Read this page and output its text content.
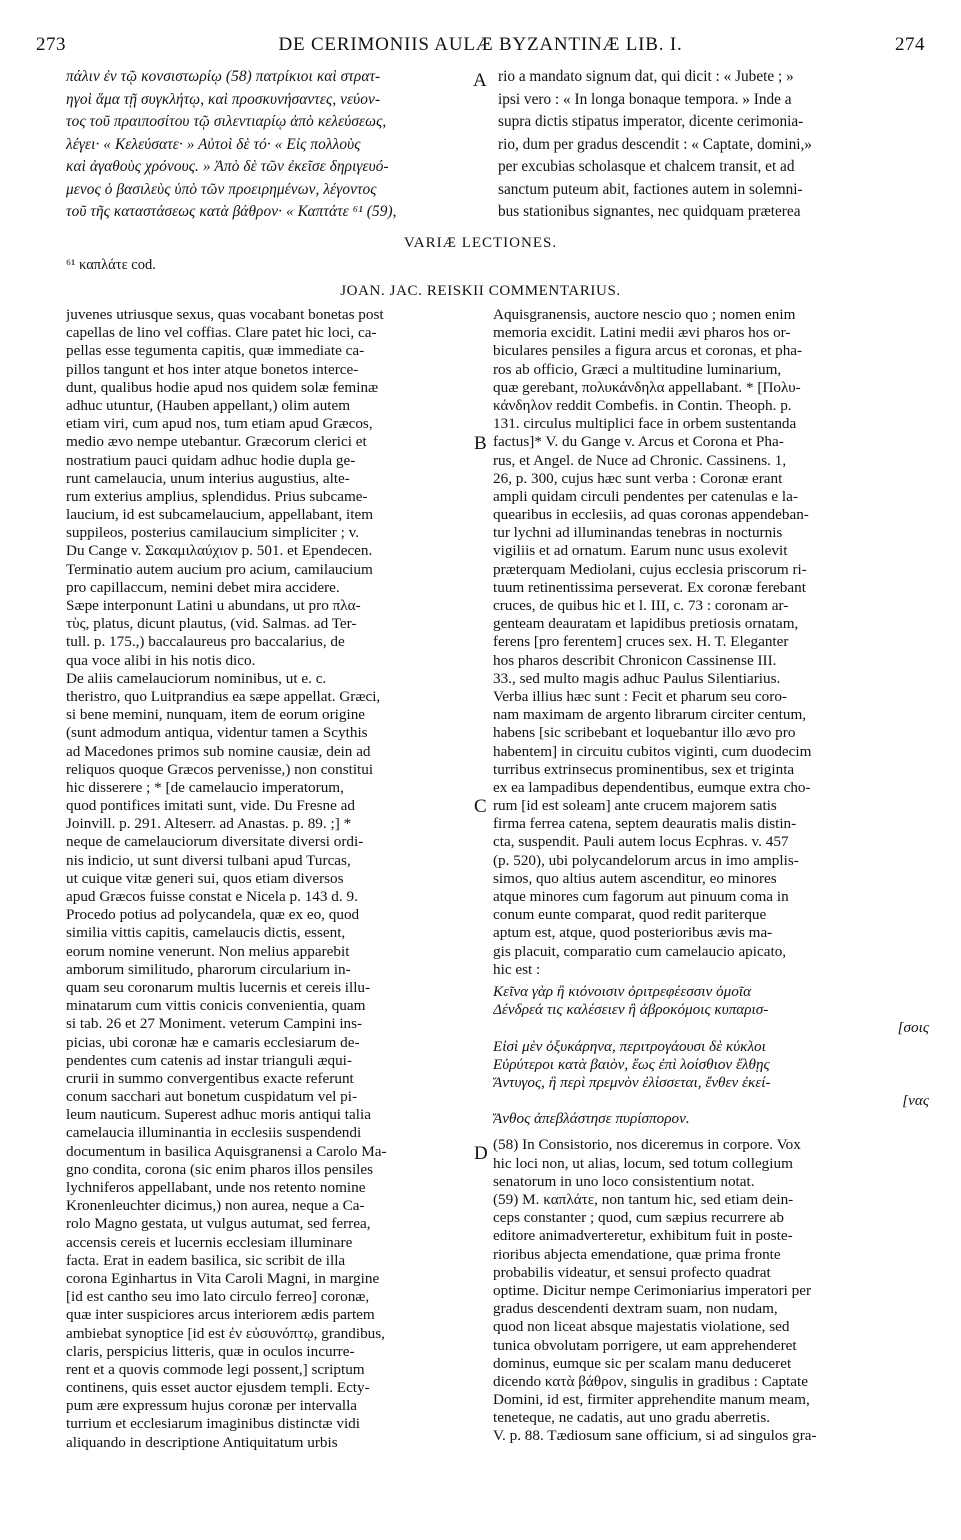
273	DE CERIMONIIS AULÆ BYZANTINÆ LIB. I.	274
πάλιν ἐν τῷ κονσιστωρίῳ (58) πατρίκιοι καὶ στρατ-
ηγοὶ ἅμα τῇ συγκλήτῳ, καὶ προσκυνήσαντες, νεύον-
τος τοῦ πραιποσίτου τῷ σιλεντιαρίῳ ἀπὸ κελεύσεως,
λέγει· « Κελεύσατε· » Αὐτοὶ δὲ τό· « Εἰς πολλοὺς
καὶ ἀγαθοὺς χρόνους. » Ἀπὸ δὲ τῶν ἐκεῖσε δηριγευό-
μενος ὁ βασιλεὺς ὑπὸ τῶν προειρημένων, λέγοντος
τοῦ τῆς καταστάσεως κατὰ βάθρον· « Καπτάτε ⁶¹ (59),
rio a mandato signum dat, qui dicit : « Jubete ; »
ipsi vero : « In longa bonaque tempora. » Inde a
supra dictis stipatus imperator, dicente cerimonia-
rio, dum per gradus descendit : « Captate, domini,»
per excubias scholasque et chalcem transit, et ad
sanctum puteum abit, factiones autem in solemni-
bus stationibus signantes, nec quidquam præterea
A
VARIÆ LECTIONES.
⁶¹ καπλάτε cod.
JOAN. JAC. REISKII COMMENTARIUS.
juvenes utriusque sexus, quas vocabant bonetas post
capellas de lino vel coffias. Clare patet hic loci, ca-
pellas esse tegumenta capitis, quæ immediate ca-
pillos tangunt et hos inter atque bonetos interce-
dunt, qualibus hodie apud nos quidem solæ feminæ
adhuc utuntur, (Hauben appellant,) olim autem
etiam viri, cum apud nos, tum etiam apud Græcos,
medio ævo nempe utebantur. Græcorum clerici et
nostratium pauci quidam adhuc hodie dupla ge-
runt camelaucia, unum interius augustius, alte-
rum exterius amplius, splendidus. Prius subcame-
laucium, id est subcamelaucium, appellabant, item
suppileos, posterius camilaucium simpliciter ; v.
Du Cange v. Σακαμιλαύχιον p. 501. et Ependecen.
Terminatio autem aucium pro acium, camilaucium
pro capillaccum, nemini debet mira accidere.
Sæpe interponunt Latini u abundans, ut pro πλα-
τὺς, platus, dicunt plautus, (vid. Salmas. ad Ter-
tull. p. 175.,) baccalaureus pro baccalarius, de
qua voce alibi in his notis dico.
De aliis camelauciorum nominibus, ut e. c.
theristro, quo Luitprandius ea sæpe appellat. Græci,
si bene memini, nunquam, item de eorum origine
(sunt admodum antiqua, videntur tamen a Scythis
ad Macedones primos sub nomine causiæ, dein ad
reliquos quoque Græcos pervenisse,) non constitui
hic disserere ; * [de camelaucio imperatorum,
quod pontifices imitati sunt, vide. Du Fresne ad
Joinvill. p. 291. Alteserr. ad Anastas. p. 89. ;] *
neque de camelauciorum diversitate diversi ordi-
nis indicio, ut sunt diversi tulbani apud Turcas,
ut cuique vitæ generi sui, quos etiam diversos
apud Græcos fuisse constat e Nicela p. 143 d. 9.
Procedo potius ad polycandela, quæ ex eo, quod
similia vittis capitis, camelaucis dictis, essent,
eorum nomine venerunt. Non melius apparebit
amborum similitudo, pharorum circularium in-
quam seu coronarum multis lucernis et cereis illu-
minatarum cum vittis conicis convenientia, quam
si tab. 26 et 27 Moniment. veterum Campini ins-
picias, ubi coronæ hæ e camaris ecclesiarum de-
pendentes cum catenis ad instar trianguli æqui-
crurii in summo convergentibus exacte referunt
conum sacchari aut bonetum cuspidatum vel pi-
leum nauticum. Superest adhuc moris antiqui talia
camelaucia illuminantia in ecclesiis suspendendi
documentum in basilica Aquisgranensi a Carolo Ma-
gno condita, corona (sic enim pharos illos pensiles
lychniferos appellabant, unde nos retento nomine
Kronenleuchter dicimus,) non aurea, neque a Ca-
rolo Magno gestata, ut vulgus autumat, sed ferrea,
accensis cereis et lucernis ecclesiam illuminare
facta. Erat in eadem basilica, sic scribit de illa
corona Eginhartus in Vita Caroli Magni, in margine
[id est cantho seu imo lato circulo ferreo] coronæ,
quæ inter suspiciores arcus interiorem ædis partem
ambiebat synoptice [id est ἐν εὐσυνόπτῳ, grandibus,
claris, perspicius litteris, quæ in oculos incurre-
rent et a quovis commode legi possent,] scriptum
continens, quis esset auctor ejusdem templi. Ecty-
pum ære expressum hujus coronæ per intervalla
turrium et ecclesiarum imaginibus distinctæ vidi
aliquando in descriptione Antiquitatum urbis
Aquisgranensis, auctore nescio quo ; nomen enim
memoria excidit. Latini medii ævi pharos hos or-
biculares pensiles a figura arcus et coronas, et pha-
ros ab officio, Græci a multitudine luminarium,
quæ gerebant, πολυκάνδηλα appellabant. * [Πολυ-
κάνδηλον reddit Combefis. in Contin. Theoph. p.
131. circulus multiplici face in orbem sustentanda
factus]* V. du Gange v. Arcus et Corona et Pha-
rus, et Angel. de Nuce ad Chronic. Cassinens. 1,
26, p. 300, cujus hæc sunt verba : Coronæ erant
ampli quidam circuli pendentes per catenulas e la-
quearibus in ecclesiis, ad quas coronas appendeban-
tur lychni ad illuminandas tenebras in nocturnis
vigiliis et ad ornatum. Earum nunc usus exolevit
præterquam Mediolani, cujus ecclesia priscorum ri-
tuum retinentissima perseverat. Ex coronæ ferebant
cruces, de quibus hic et l. III, c. 73 : coronam ar-
genteam deauratam et lapidibus pretiosis ornatam,
ferens [pro ferentem] cruces sex. H. T. Eleganter
hos pharos describit Chronicon Cassinense III.
33., sed multo magis adhuc Paulus Silentiarius.
Verba illius hæc sunt : Fecit et pharum seu coro-
nam maximam de argento librarum circiter centum,
habens [sic scribebant et loquebantur illo ævo pro
habentem] in circuitu cubitos viginti, cum duodecim
turribus extrinsecus prominentibus, sex et triginta
ex ea lampadibus dependentibus, eumque extra cho-
rum [id est soleam] ante crucem majorem satis
firma ferrea catena, septem deauratis malis distin-
cta, suspendit. Pauli autem locus Ecphras. v. 457
(p. 520), ubi polycandelorum arcus in imo amplis-
simos, quo altius autem ascenditur, eo minores
atque minores cum fagorum aut pinuum coma in
conum eunte comparat, quod redit pariterque
aptum est, atque, quod posterioribus ævis ma-
gis placuit, comparatio cum camelaucio apicato,
hic est :
Κεῖνα γὰρ ἢ κιόνοισιν ὀριτρεφέεσσιν ὁμοῖα
Δένδρεά τις καλέσειεν ἢ ἁβροκόμοις κυπαρισ-
[σοις
Εἰσὶ μὲν ὀξυκάρηνα, περιτρογάουσι δὲ κύκλοι
Εὐρύτεροι κατὰ βαιὸν, ἕως ἐπὶ λοίσθιον ἔλθῃς
Ἄντυγος, ἣ περὶ πρεμνὸν ἐλίσσεται, ἔνθεν ἐκεί-
[νας
Ἄνθος ἀπεβλάστησε πυρίσπορον.
(58) In Consistorio, nos diceremus in corpore. Vox
hic loci non, ut alias, locum, sed totum collegium
senatorum in uno loco consistentium notat.
(59) M. καπλάτε, non tantum hic, sed etiam dein-
ceps constanter ; quod, cum sæpius recurrere ab
editore animadverteretur, exhibitum fuit in poste-
rioribus abjecta emendatione, quæ prima fronte
probabilis videatur, et sensui profecto quadrat
optime. Dicitur nempe Cerimoniarius imperatori per
gradus descendenti dextram suam, non nudam,
quod non liceat absque majestatis violatione, sed
tunica obvolutam porrigere, ut eam apprehenderet
dominus, eumque sic per scalam manu deduceret
dicendo κατὰ βάθρον, singulis in gradibus : Captate
Domini, id est, firmiter apprehendite manum meam,
teneteque, ne cadatis, aut uno gradu aberretis.
V. p. 88. Tædiosum sane officium, si ad singulos gra-
B
C
D
